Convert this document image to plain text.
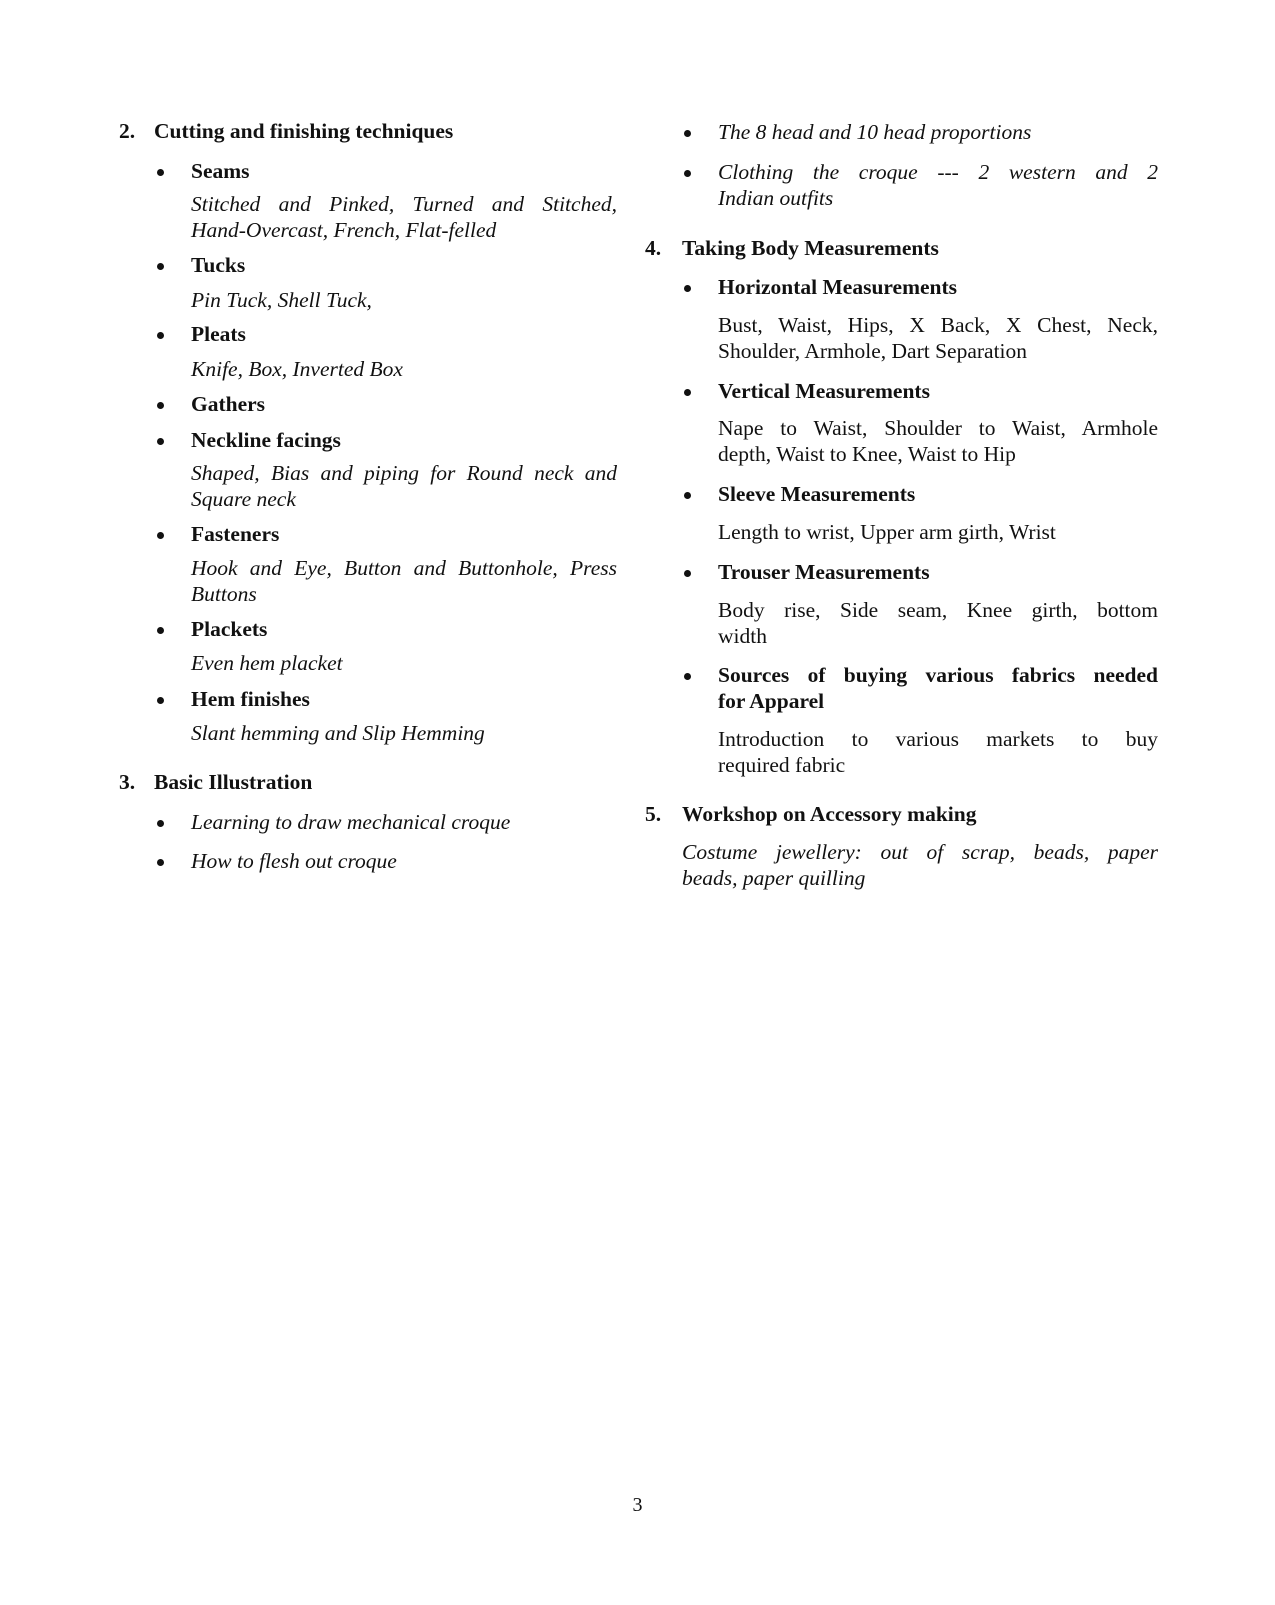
2. Cutting and finishing techniques
Seams
Stitched and Pinked, Turned and Stitched,
Hand-Overcast, French, Flat-felled
Tucks
Pin Tuck, Shell Tuck,
Pleats
Knife, Box, Inverted Box
Gathers
Neckline facings
Shaped, Bias and piping for Round neck and
Square neck
Fasteners
Hook and Eye, Button and Buttonhole, Press
Buttons
Plackets
Even hem placket
Hem finishes
Slant hemming and Slip Hemming
3. Basic Illustration
Learning to draw mechanical croque
How to flesh out croque
The 8 head and 10 head proportions
Clothing the croque --- 2 western and 2
Indian outfits
4. Taking Body Measurements
Horizontal Measurements
Bust, Waist, Hips, X Back, X Chest, Neck,
Shoulder, Armhole, Dart Separation
Vertical Measurements
Nape to Waist, Shoulder to Waist, Armhole
depth, Waist to Knee, Waist to Hip
Sleeve Measurements
Length to wrist, Upper arm girth, Wrist
Trouser Measurements
Body rise, Side seam, Knee girth, bottom
width
Sources of buying various fabrics needed
for Apparel
Introduction to various markets to buy
required fabric
5. Workshop on Accessory making
Costume jewellery: out of scrap, beads, paper
beads, paper quilling
3
